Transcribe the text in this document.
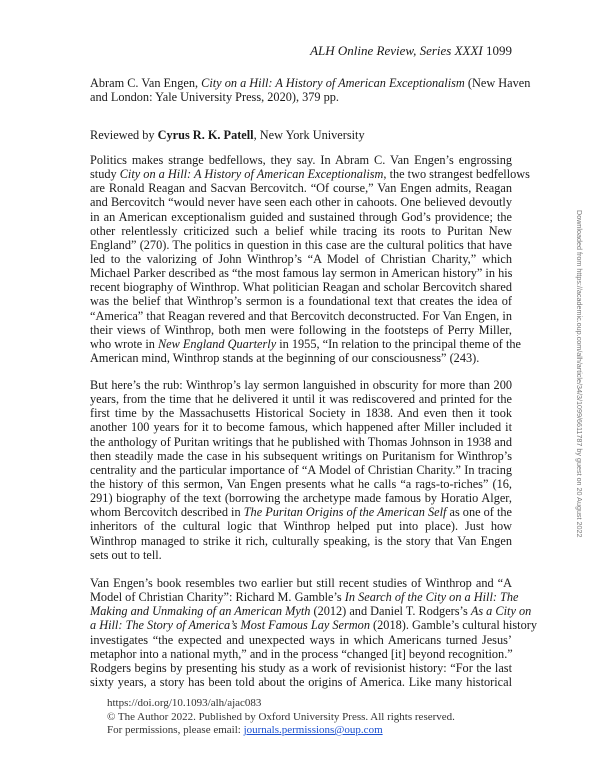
ALH Online Review, Series XXXI 1099
Abram C. Van Engen, City on a Hill: A History of American Exceptionalism (New Haven
and London: Yale University Press, 2020), 379 pp.
Reviewed by Cyrus R. K. Patell, New York University
Politics makes strange bedfellows, they say. In Abram C. Van Engen’s engrossing
study City on a Hill: A History of American Exceptionalism, the two strangest bedfellows
are Ronald Reagan and Sacvan Bercovitch. “Of course,” Van Engen admits, Reagan
and Bercovitch “would never have seen each other in cahoots. One believed devoutly
in an American exceptionalism guided and sustained through God’s providence; the
other relentlessly criticized such a belief while tracing its roots to Puritan New
England” (270). The politics in question in this case are the cultural politics that have
led to the valorizing of John Winthrop’s “A Model of Christian Charity,” which
Michael Parker described as “the most famous lay sermon in American history” in his
recent biography of Winthrop. What politician Reagan and scholar Bercovitch shared
was the belief that Winthrop’s sermon is a foundational text that creates the idea of
“America” that Reagan revered and that Bercovitch deconstructed. For Van Engen, in
their views of Winthrop, both men were following in the footsteps of Perry Miller,
who wrote in New England Quarterly in 1955, “In relation to the principal theme of the
American mind, Winthrop stands at the beginning of our consciousness” (243).
But here’s the rub: Winthrop’s lay sermon languished in obscurity for more than 200
years, from the time that he delivered it until it was rediscovered and printed for the
first time by the Massachusetts Historical Society in 1838. And even then it took
another 100 years for it to become famous, which happened after Miller included it
the anthology of Puritan writings that he published with Thomas Johnson in 1938 and
then steadily made the case in his subsequent writings on Puritanism for Winthrop’s
centrality and the particular importance of “A Model of Christian Charity.” In tracing
the history of this sermon, Van Engen presents what he calls “a rags-to-riches” (16,
291) biography of the text (borrowing the archetype made famous by Horatio Alger,
whom Bercovitch described in The Puritan Origins of the American Self as one of the
inheritors of the cultural logic that Winthrop helped put into place). Just how
Winthrop managed to strike it rich, culturally speaking, is the story that Van Engen
sets out to tell.
Van Engen’s book resembles two earlier but still recent studies of Winthrop and “A
Model of Christian Charity”: Richard M. Gamble’s In Search of the City on a Hill: The
Making and Unmaking of an American Myth (2012) and Daniel T. Rodgers’s As a City on
a Hill: The Story of America’s Most Famous Lay Sermon (2018). Gamble’s cultural history
investigates “the expected and unexpected ways in which Americans turned Jesus’
metaphor into a national myth,” and in the process “changed [it] beyond recognition.”
Rodgers begins by presenting his study as a work of revisionist history: “For the last
sixty years, a story has been told about the origins of America. Like many historical
https://doi.org/10.1093/alh/ajac083
© The Author 2022. Published by Oxford University Press. All rights reserved.
For permissions, please email: journals.permissions@oup.com
Downloaded from https://academic.oup.com/alh/article/34/3/1099/6611787 by guest on 20 August 2022
